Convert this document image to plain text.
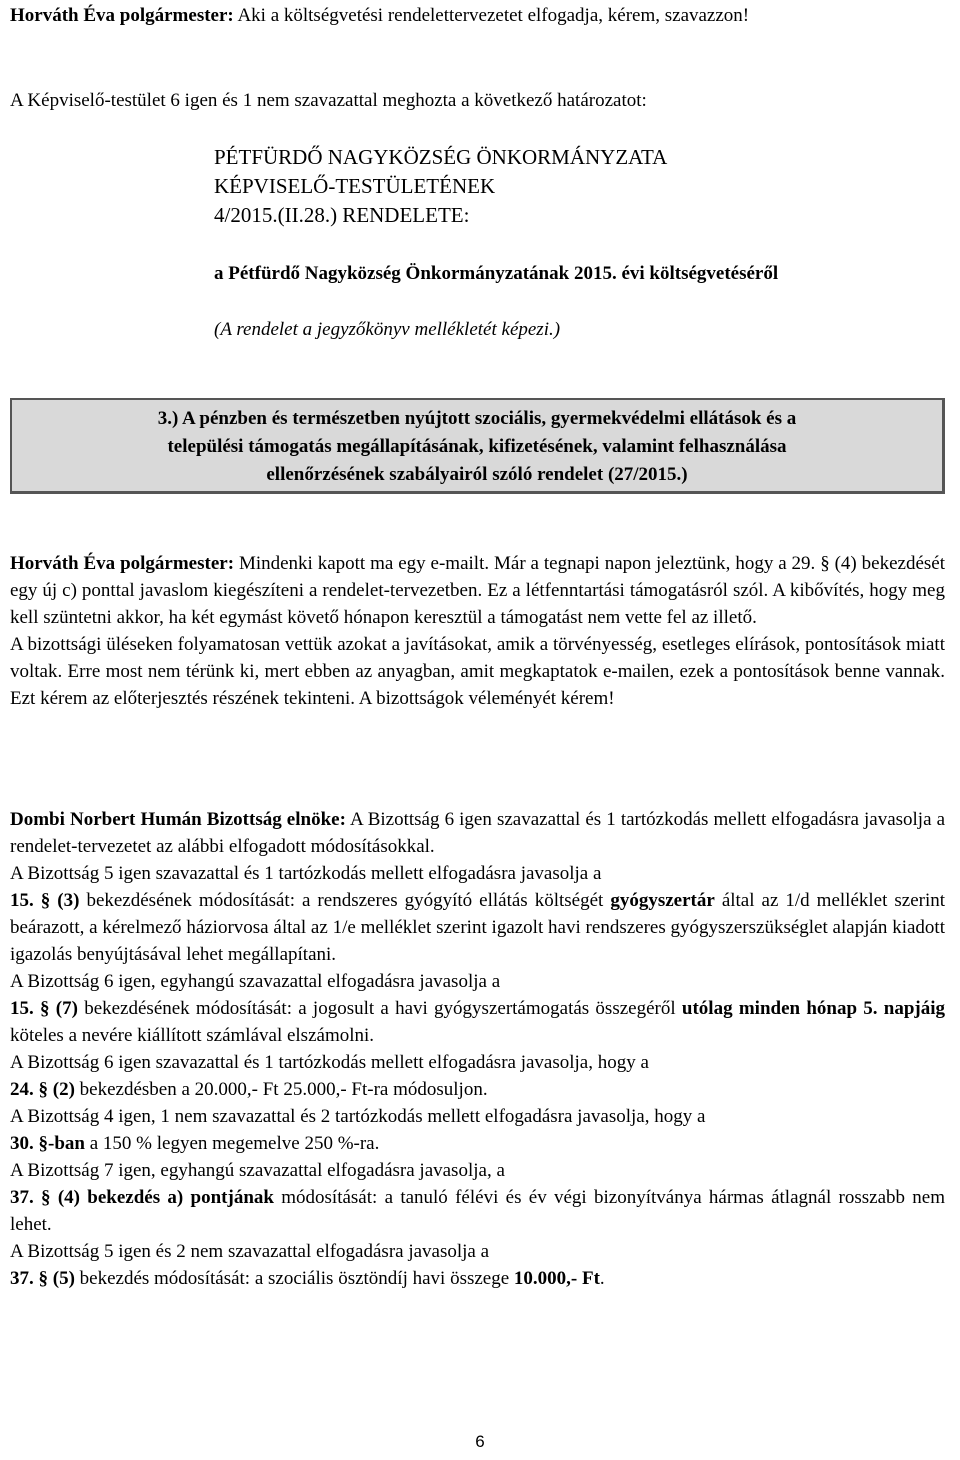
Horváth Éva polgármester: Aki a költségvetési rendelettervezetet elfogadja, kérem, szavazzon!

A Képviselő-testület 6 igen és 1 nem szavazattal meghozta a következő határozatot:

PÉTFÜRDŐ NAGYKÖZSÉG ÖNKORMÁNYZATA
KÉPVISELŐ-TESTÜLETÉNEK
4/2015.(II.28.) RENDELETE:

a Pétfürdő Nagyközség Önkormányzatának 2015. évi költségvetéséről

(A rendelet a jegyzőkönyv mellékletét képezi.)

3.) A pénzben és természetben nyújtott szociális, gyermekvédelmi ellátások és a
települési támogatás megállapításának, kifizetésének, valamint felhasználása
ellenőrzésének szabályairól szóló rendelet (27/2015.)

Horváth Éva polgármester: Mindenki kapott ma egy e-mailt. Már a tegnapi napon jeleztünk, hogy a 29. § (4) bekezdését egy új c) ponttal javaslom kiegészíteni a rendelet-tervezetben. Ez a létfenntartási támogatásról szól. A kibővítés, hogy meg kell szüntetni akkor, ha két egymást követő hónapon keresztül a támogatást nem vette fel az illető.

A bizottsági üléseken folyamatosan vettük azokat a javításokat, amik a törvényesség, esetleges elírások, pontosítások miatt voltak. Erre most nem térünk ki, mert ebben az anyagban, amit megkaptatok e-mailen, ezek a pontosítások benne vannak. Ezt kérem az előterjesztés részének tekinteni. A bizottságok véleményét kérem!

Dombi Norbert Humán Bizottság elnöke: A Bizottság 6 igen szavazattal és 1 tartózkodás mellett elfogadásra javasolja a rendelet-tervezetet az alábbi elfogadott módosításokkal.

A Bizottság 5 igen szavazattal és 1 tartózkodás mellett elfogadásra javasolja a

15. § (3) bekezdésének módosítását: a rendszeres gyógyító ellátás költségét gyógyszertár által az 1/d melléklet szerint beárazott, a kérelmező háziorvosa által az 1/e melléklet szerint igazolt havi rendszeres gyógyszerszükséglet alapján kiadott igazolás benyújtásával lehet megállapítani.

A Bizottság 6 igen, egyhangú szavazattal elfogadásra javasolja a

15. § (7) bekezdésének módosítását: a jogosult a havi gyógyszertámogatás összegéről utólag minden hónap 5. napjáig köteles a nevére kiállított számlával elszámolni.

A Bizottság 6 igen szavazattal és 1 tartózkodás mellett elfogadásra javasolja, hogy a

24. § (2) bekezdésben a 20.000,- Ft 25.000,- Ft-ra módosuljon.

A Bizottság 4 igen, 1 nem szavazattal és 2 tartózkodás mellett elfogadásra javasolja, hogy a

30. §-ban a 150 % legyen megemelve 250 %-ra.

A Bizottság 7 igen, egyhangú szavazattal elfogadásra javasolja, a

37. § (4) bekezdés a) pontjának módosítását: a tanuló félévi és év végi bizonyítványa hármas átlagnál rosszabb nem lehet.

A Bizottság 5 igen és 2 nem szavazattal elfogadásra javasolja a

37. § (5) bekezdés módosítását: a szociális ösztöndíj havi összege 10.000,- Ft.

6
